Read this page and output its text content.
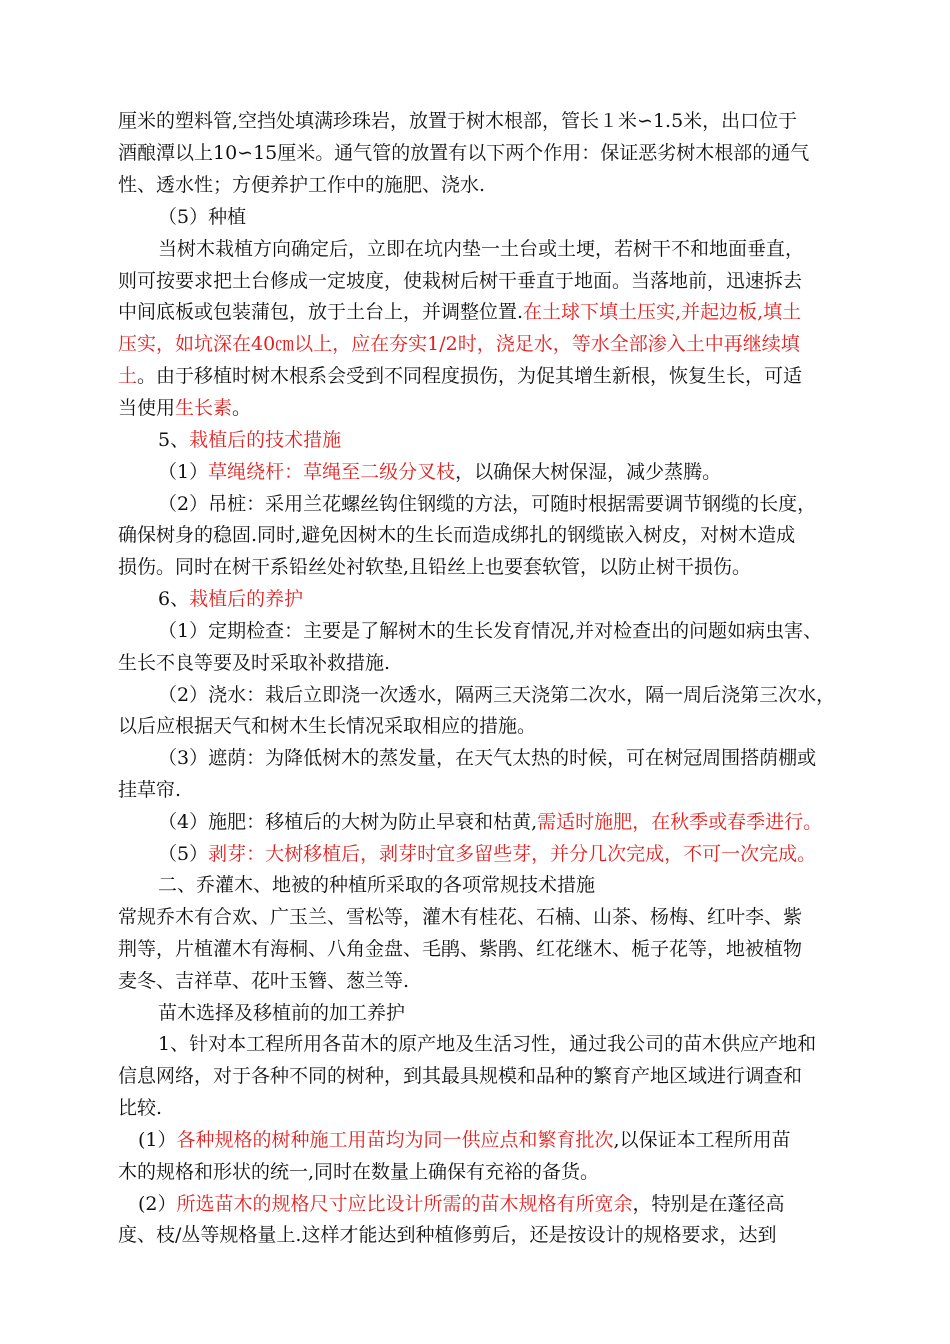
厘米的塑料管,空挡处填满珍珠岩，放置于树木根部，管长１米∽1.5米，出口位于
酒酿潭以上10∽15厘米。通气管的放置有以下两个作用：保证恶劣树木根部的通气
性、透水性；方便养护工作中的施肥、浇水.
（5）种植
当树木栽植方向确定后，立即在坑内垫一土台或土埂，若树干不和地面垂直，
则可按要求把土台修成一定坡度，使栽树后树干垂直于地面。当落地前，迅速拆去
中间底板或包装蒲包，放于土台上，并调整位置.在土球下填土压实,并起边板,填土
压实，如坑深在40㎝以上，应在夯实1/2时，浇足水，等水全部渗入土中再继续填
土。由于移植时树木根系会受到不同程度损伤，为促其增生新根，恢复生长，可适
当使用生长素。
5、栽植后的技术措施
（1）草绳绕杆：草绳至二级分叉枝，以确保大树保湿，减少蒸腾。
（2）吊桩：采用兰花螺丝钩住钢缆的方法，可随时根据需要调节钢缆的长度，
确保树身的稳固.同时,避免因树木的生长而造成绑扎的钢缆嵌入树皮，对树木造成
损伤。同时在树干系铅丝处衬软垫,且铅丝上也要套软管，以防止树干损伤。
6、栽植后的养护
（1）定期检查：主要是了解树木的生长发育情况,并对检查出的问题如病虫害、
生长不良等要及时采取补救措施.
（2）浇水：栽后立即浇一次透水，隔两三天浇第二次水，隔一周后浇第三次水，
以后应根据天气和树木生长情况采取相应的措施。
（3）遮荫：为降低树木的蒸发量，在天气太热的时候，可在树冠周围搭荫棚或
挂草帘.
（4）施肥：移植后的大树为防止早衰和枯黄,需适时施肥，在秋季或春季进行。
（5）剥芽：大树移植后，剥芽时宜多留些芽，并分几次完成，不可一次完成。
二、乔灌木、地被的种植所采取的各项常规技术措施
常规乔木有合欢、广玉兰、雪松等，灌木有桂花、石楠、山茶、杨梅、红叶李、紫
荆等，片植灌木有海桐、八角金盘、毛鹃、紫鹃、红花继木、栀子花等，地被植物
麦冬、吉祥草、花叶玉簪、葱兰等.
苗木选择及移植前的加工养护
1、针对本工程所用各苗木的原产地及生活习性，通过我公司的苗木供应产地和
信息网络，对于各种不同的树种，到其最具规模和品种的繁育产地区域进行调查和
比较.
(1）各种规格的树种施工用苗均为同一供应点和繁育批次,以保证本工程所用苗
木的规格和形状的统一,同时在数量上确保有充裕的备货。
(2）所选苗木的规格尺寸应比设计所需的苗木规格有所宽余，特别是在蓬径高
度、枝/丛等规格量上.这样才能达到种植修剪后，还是按设计的规格要求，达到
